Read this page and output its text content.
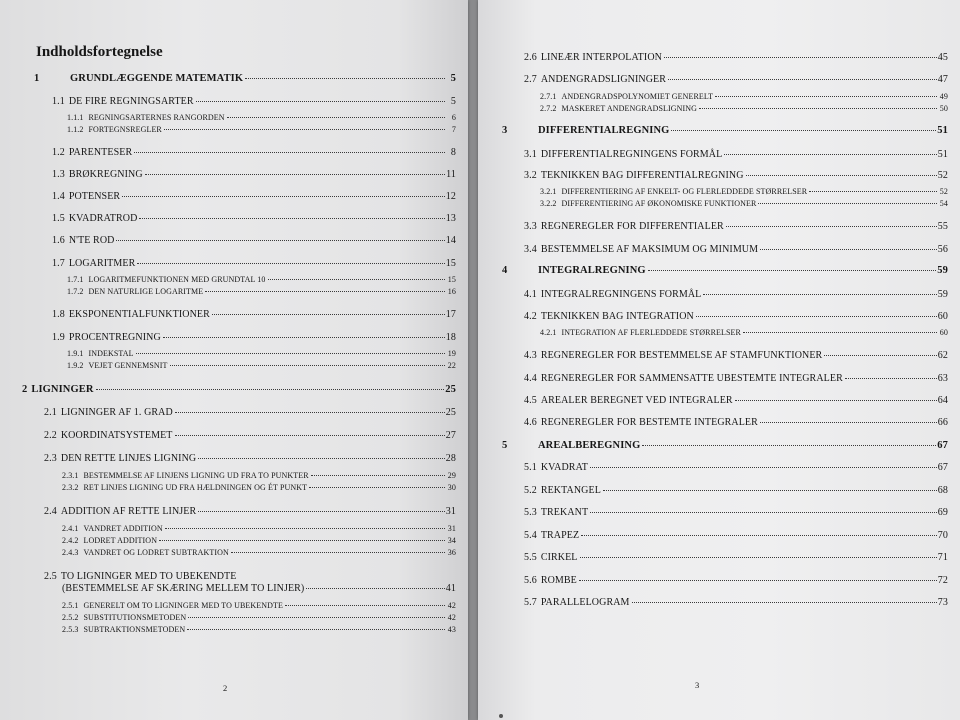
Indholdsfortegnelse
1	GRUNDLÆGGENDE MATEMATIK	5
1.1 DE FIRE REGNINGSARTER	5
1.1.1 REGNINGSARTERNES RANGORDEN	6
1.1.2 FORTEGNSREGLER	7
1.2 PARENTESER	8
1.3 BRØKREGNING	11
1.4 POTENSER	12
1.5 KVADRATROD	13
1.6 N'TE ROD	14
1.7 LOGARITMER	15
1.7.1 LOGARITMEFUNKTIONEN MED GRUNDTAL 10	15
1.7.2 DEN NATURLIGE LOGARITME	16
1.8 EKSPONENTIALFUNKTIONER	17
1.9 PROCENTREGNING	18
1.9.1 INDEKSTAL	19
1.9.2 VEJET GENNEMSNIT	22
2 LIGNINGER	25
2.1 LIGNINGER AF 1. GRAD	25
2.2 KOORDINATSYSTEMET	27
2.3 DEN RETTE LINJES LIGNING	28
2.3.1 BESTEMMELSE AF LINJENS LIGNING UD FRA TO PUNKTER	29
2.3.2 RET LINJES LIGNING UD FRA HÆLDNINGEN OG ÉT PUNKT	30
2.4 ADDITION AF RETTE LINJER	31
2.4.1 VANDRET ADDITION	31
2.4.2 LODRET ADDITION	34
2.4.3 VANDRET OG LODRET SUBTRAKTION	36
2.5 TO LIGNINGER MED TO UBEKENDTE
(BESTEMMELSE AF SKÆRING MELLEM TO LINJER)	41
2.5.1 GENERELT OM TO LIGNINGER MED TO UBEKENDTE	42
2.5.2 SUBSTITUTIONSMETODEN	42
2.5.3 SUBTRAKTIONSMETODEN	43
2
2.6 LINEÆR INTERPOLATION	45
2.7 ANDENGRADSLIGNINGER	47
2.7.1 ANDENGRADSPOLYNOMIET GENERELT	49
2.7.2 MASKERET ANDENGRADSLIGNING	50
3	DIFFERENTIALREGNING	51
3.1 DIFFERENTIALREGNINGENS FORMÅL	51
3.2 TEKNIKKEN BAG DIFFERENTIALREGNING	52
3.2.1 DIFFERENTIERING AF ENKELT- OG FLERLEDDEDE STØRRELSER	52
3.2.2 DIFFERENTIERING AF ØKONOMISKE FUNKTIONER	54
3.3 REGNEREGLER FOR DIFFERENTIALER	55
3.4 BESTEMMELSE AF MAKSIMUM OG MINIMUM	56
4	INTEGRALREGNING	59
4.1 INTEGRALREGNINGENS FORMÅL	59
4.2 TEKNIKKEN BAG INTEGRATION	60
4.2.1 INTEGRATION AF FLERLEDDEDE STØRRELSER	60
4.3 REGNEREGLER FOR BESTEMMELSE AF STAMFUNKTIONER	62
4.4 REGNEREGLER FOR SAMMENSATTE UBESTEMTE INTEGRALER	63
4.5 AREALER BEREGNET VED INTEGRALER	64
4.6 REGNEREGLER FOR BESTEMTE INTEGRALER	66
5	AREALBEREGNING	67
5.1 KVADRAT	67
5.2 REKTANGEL	68
5.3 TREKANT	69
5.4 TRAPEZ	70
5.5 CIRKEL	71
5.6 ROMBE	72
5.7 PARALLELOGRAM	73
3
